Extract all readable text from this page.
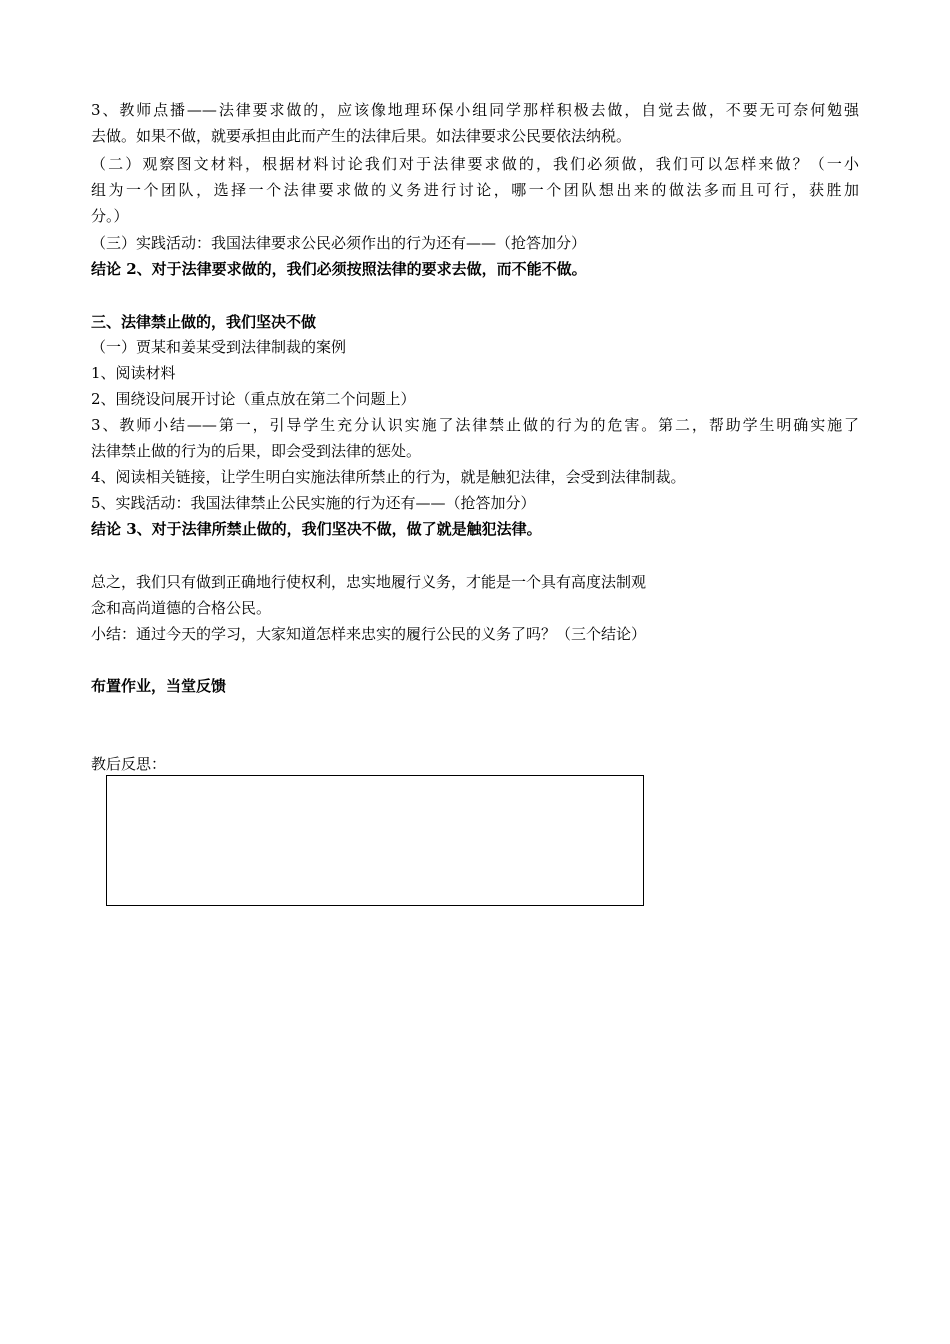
3、教师点播——法律要求做的，应该像地理环保小组同学那样积极去做，自觉去做，不要无可奈何勉强
去做。如果不做，就要承担由此而产生的法律后果。如法律要求公民要依法纳税。
（二）观察图文材料，根据材料讨论我们对于法律要求做的，我们必须做，我们可以怎样来做？（一小
组为一个团队，选择一个法律要求做的义务进行讨论，哪一个团队想出来的做法多而且可行，获胜加
分。）
（三）实践活动：我国法律要求公民必须作出的行为还有——（抢答加分）
结论 2、对于法律要求做的，我们必须按照法律的要求去做，而不能不做。
三、法律禁止做的，我们坚决不做
（一）贾某和姜某受到法律制裁的案例
1、阅读材料
2、围绕设问展开讨论（重点放在第二个问题上）
3、教师小结——第一，引导学生充分认识实施了法律禁止做的行为的危害。第二，帮助学生明确实施了
法律禁止做的行为的后果，即会受到法律的惩处。
4、阅读相关链接，让学生明白实施法律所禁止的行为，就是触犯法律，会受到法律制裁。
5、实践活动：我国法律禁止公民实施的行为还有——（抢答加分）
结论 3、对于法律所禁止做的，我们坚决不做，做了就是触犯法律。
总之，我们只有做到正确地行使权利，忠实地履行义务，才能是一个具有高度法制观
念和高尚道德的合格公民。
小结：通过今天的学习，大家知道怎样来忠实的履行公民的义务了吗？（三个结论）
布置作业，当堂反馈
教后反思：
